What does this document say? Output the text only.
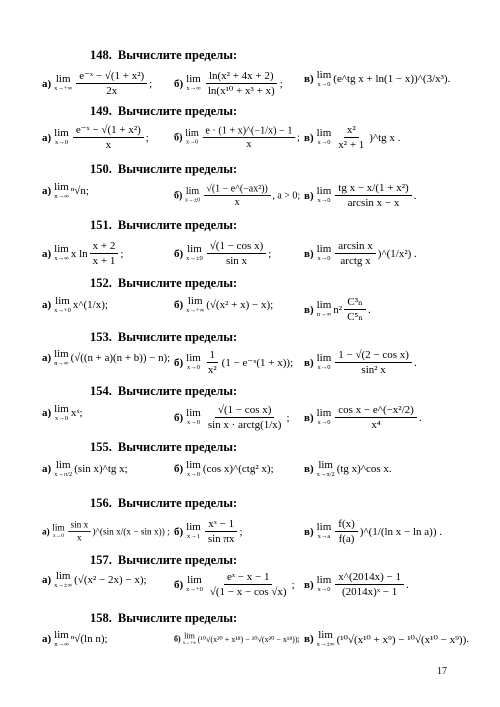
148. Вычислите пределы:
а) lim
$x\to+\infty \frac{\text{e⁻ˣ − √(1 + x²)}}{2x}$ ; б) lim
$x\to\infty \frac{\text{ln(x² + 4x + 2)}}{\text{ln(x¹⁰ + x³ + x)}}$ ; в) lim
x→0 (e^tg x + ln(1 − x))^(3/x³) .
149. Вычислите пределы:
а) lim
$x\to 0 \frac{\text{e⁻ˣ − √(1 + x²)}}{x}$ ; б) lim
$x\to 0 \frac{e \cdot (1 + x)\^{}(-1/x) - 1}{x}$ ; в) lim
$x\to 0 \frac{\text{x²}}{\text{x² + 1}}$ )^tg x .
150. Вычислите пределы:
а) lim
n→∞ ⁿ√n ;	б) lim
$x\to\pm 0 \frac{\text{√(1 − e\textasciicircum{}(−ax²))}}{x}$ , a > 0; в) lim
$x\to 0 \frac{\text{tg x − x/(1 + x²)}}{\text{arcsin x − x}}$ .
151. Вычислите пределы:
а) lim
x→∞ x $\ln \frac{x + 2}{x + 1}$ ;	б) lim
$x\to\pm 0 \frac{\text{√(1 − cos x)}}{\text{sin x}}$ ;	в) lim
$x\to 0 \frac{\text{arcsin x}}{\text{arctg x}}$ )^(1/x²) .
152. Вычислите пределы:
а) lim
x→+0 x^(1/x) ;	б) lim
x→+∞ (√(x² + x) − x) ;	в) lim
n→∞ $n^2 \frac{\text{C³ₙ}}{\text{C⁵ₙ}}$ .
153. Вычислите пределы:
а) lim
n→∞ (√((n + a)(n + b)) − n) ; б) lim
$x\to 0 \frac{1}{\text{x²}} (1$ − e⁻ˣ(1 + x)); в) lim
$x\to 0 \frac{\text{1 − √(2 − cos x)}}{\text{sin² x}}$ .
154. Вычислите пределы:
а) lim
x→0 xˣ ;	б) lim
$x\to 0 \frac{\text{√(1 − cos x)}}{\text{sin x · arctg(1/x)}}$ ; в) lim
$x\to 0 \frac{\text{cos x − e\textasciicircum{}(−x²/2)}}{\text{x⁴}}$ .
155. Вычислите пределы:
а) lim
x→π/2 (sin x)^tg x ;	б) lim
x→0 (cos x)^(ctg² x) ;	в) lim
x→π/2 (tg x)^cos x .
156. Вычислите пределы:
а) lim
$x\to 0 \frac{\text{sin x}}{x}$ )^(sin x/(x − sin x)) ; б) lim
$x\to 1 \frac{\text{xˣ − 1}}{\text{sin πx}}$ ;	в) lim
$x\to a \frac{f(x)}{f(a)}$ )^(1/(ln x − ln a)) .
157. Вычислите пределы:
а) lim
x→±∞ (√(x² − 2x) − x) ; б) lim
$x\to+0 \frac{\text{eˣ − x − 1}}{√(1 - x - \cos √x)}$ ; в) lim
$x\to 0 \frac{x\^{}(2014x) - 1}{\text{(2014x)ˣ − 1}}$ .
158. Вычислите пределы:
а) lim
n→∞ ⁿ√(ln n) ;	б) lim
x→+∞ (¹⁰√(x²⁰ + x¹⁸) − ¹⁰√(x²⁰ − x¹⁸)) ; в) lim
x→±∞ (¹⁰√(x¹⁰ + x⁹) − ¹⁰√(x¹⁰ − x⁹)) .
17
